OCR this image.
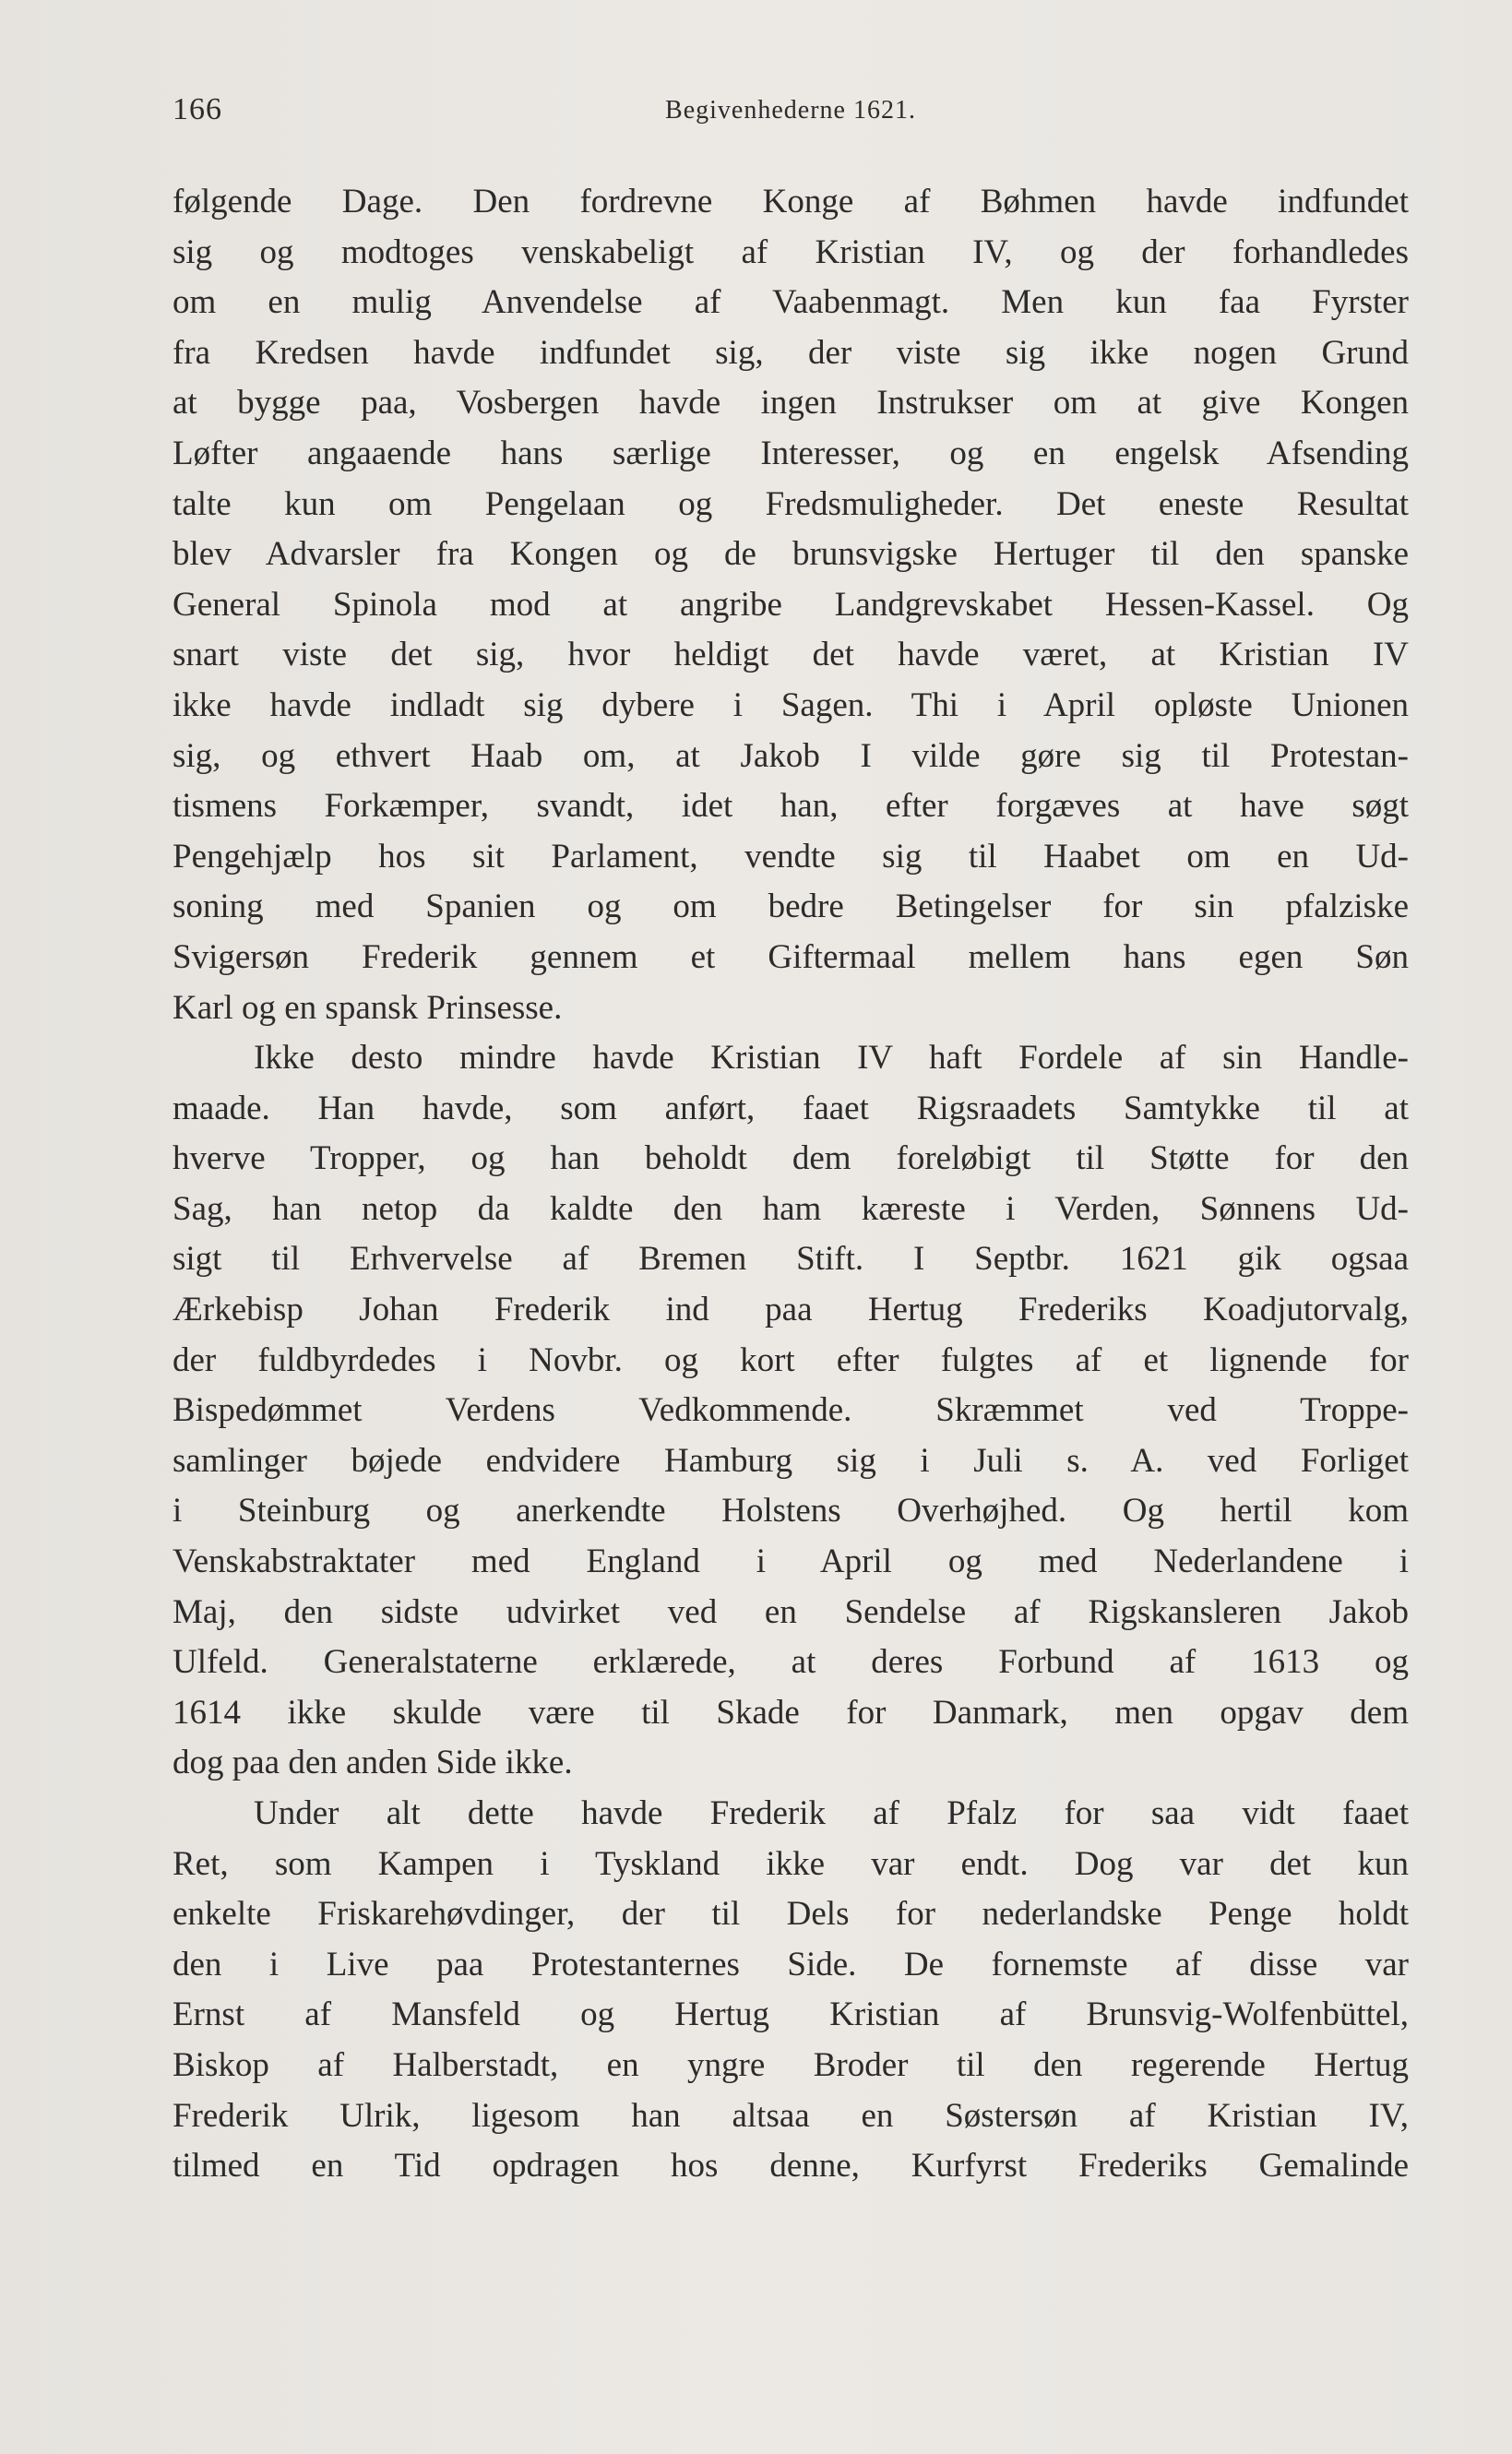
166	Begivenhederne 1621.
følgende Dage. Den fordrevne Konge af Bøhmen havde indfundet
sig og modtoges venskabeligt af Kristian IV, og der forhandledes
om en mulig Anvendelse af Vaabenmagt. Men kun faa Fyrster
fra Kredsen havde indfundet sig, der viste sig ikke nogen Grund
at bygge paa, Vosbergen havde ingen Instrukser om at give Kongen
Løfter angaaende hans særlige Interesser, og en engelsk Afsending
talte kun om Pengelaan og Fredsmuligheder. Det eneste Resultat
blev Advarsler fra Kongen og de brunsvigske Hertuger til den spanske
General Spinola mod at angribe Landgrevskabet Hessen-Kassel. Og
snart viste det sig, hvor heldigt det havde været, at Kristian IV
ikke havde indladt sig dybere i Sagen. Thi i April opløste Unionen
sig, og ethvert Haab om, at Jakob I vilde gøre sig til Protestan-
tismens Forkæmper, svandt, idet han, efter forgæves at have søgt
Pengehjælp hos sit Parlament, vendte sig til Haabet om en Ud-
soning med Spanien og om bedre Betingelser for sin pfalziske
Svigersøn Frederik gennem et Giftermaal mellem hans egen Søn
Karl og en spansk Prinsesse.
Ikke desto mindre havde Kristian IV haft Fordele af sin Handle-
maade. Han havde, som anført, faaet Rigsraadets Samtykke til at
hverve Tropper, og han beholdt dem foreløbigt til Støtte for den
Sag, han netop da kaldte den ham kæreste i Verden, Sønnens Ud-
sigt til Erhvervelse af Bremen Stift. I Septbr. 1621 gik ogsaa
Ærkebisp Johan Frederik ind paa Hertug Frederiks Koadjutorvalg,
der fuldbyrdedes i Novbr. og kort efter fulgtes af et lignende for
Bispedømmet Verdens Vedkommende. Skræmmet ved Troppe-
samlinger bøjede endvidere Hamburg sig i Juli s. A. ved Forliget
i Steinburg og anerkendte Holstens Overhøjhed. Og hertil kom
Venskabstraktater med England i April og med Nederlandene i
Maj, den sidste udvirket ved en Sendelse af Rigskansleren Jakob
Ulfeld. Generalstaterne erklærede, at deres Forbund af 1613 og
1614 ikke skulde være til Skade for Danmark, men opgav dem
dog paa den anden Side ikke.
Under alt dette havde Frederik af Pfalz for saa vidt faaet
Ret, som Kampen i Tyskland ikke var endt. Dog var det kun
enkelte Friskarehøvdinger, der til Dels for nederlandske Penge holdt
den i Live paa Protestanternes Side. De fornemste af disse var
Ernst af Mansfeld og Hertug Kristian af Brunsvig-Wolfenbüttel,
Biskop af Halberstadt, en yngre Broder til den regerende Hertug
Frederik Ulrik, ligesom han altsaa en Søstersøn af Kristian IV,
tilmed en Tid opdragen hos denne, Kurfyrst Frederiks Gemalinde
